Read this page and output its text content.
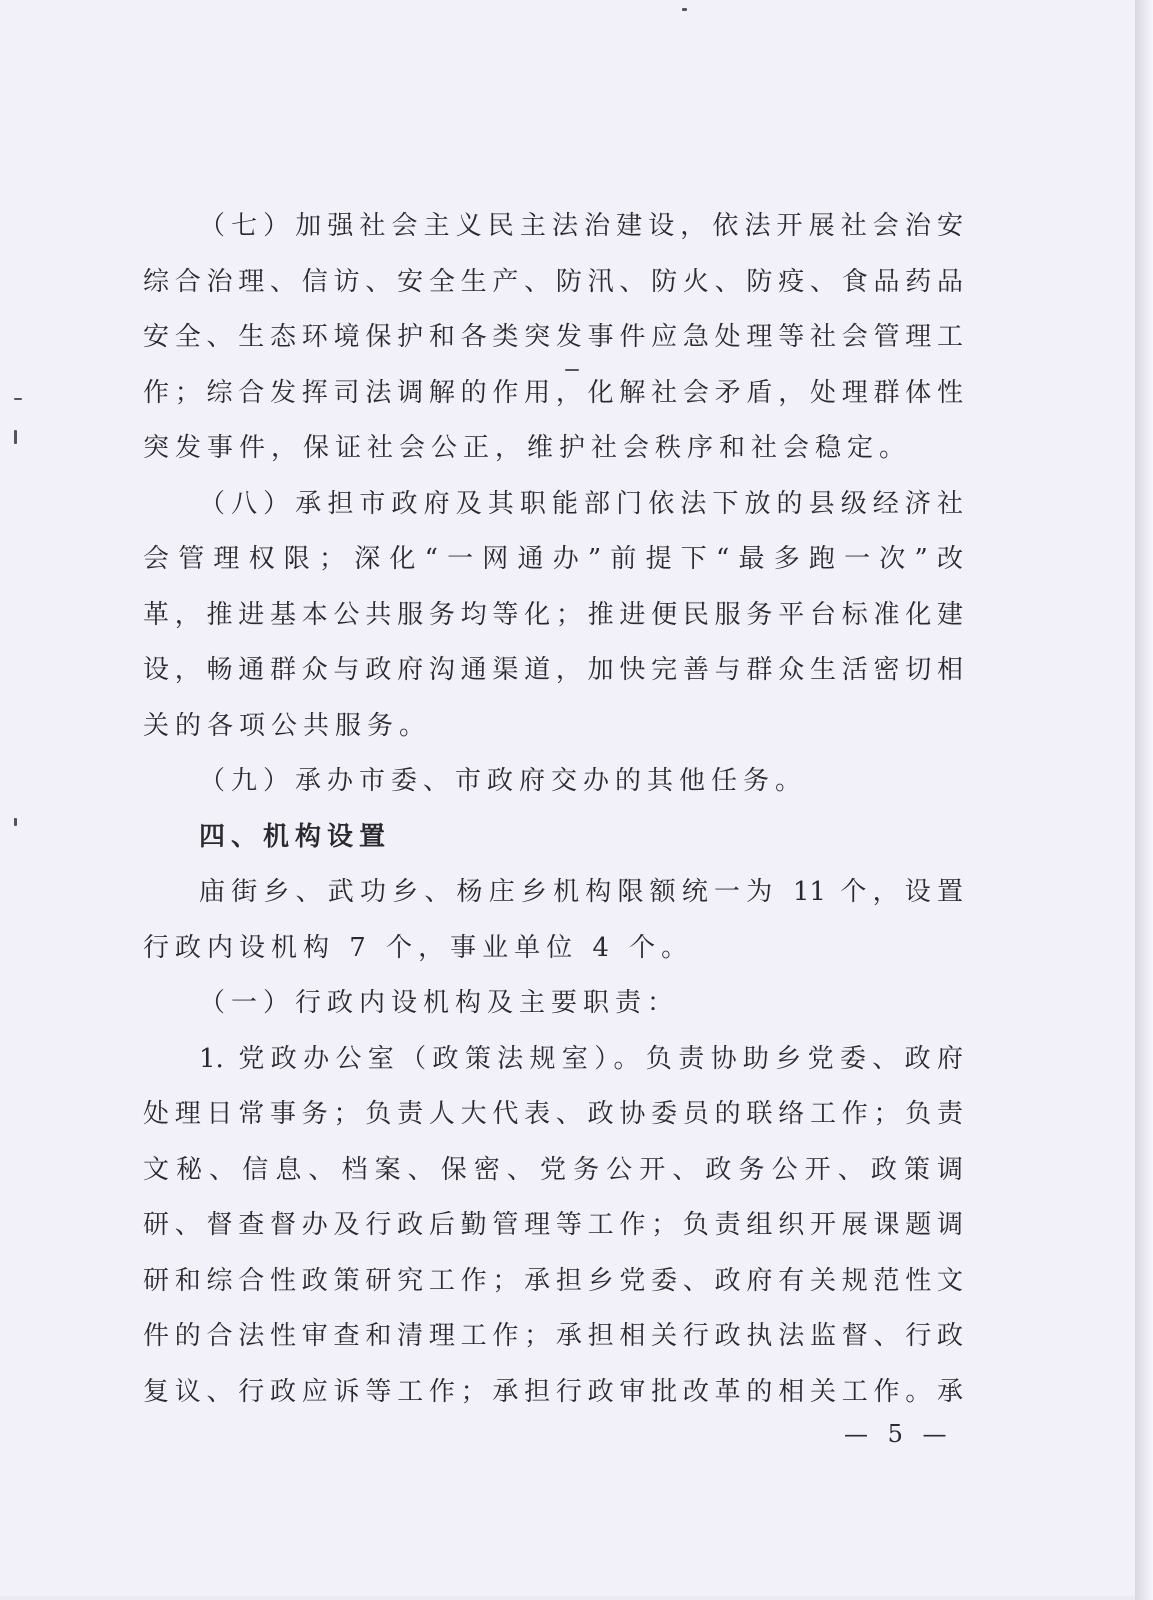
（七）加强社会主义民主法治建设，依法开展社会治安
综合治理、信访、安全生产、防汛、防火、防疫、食品药品
安全、生态环境保护和各类突发事件应急处理等社会管理工
作；综合发挥司法调解的作用，化解社会矛盾，处理群体性
突发事件，保证社会公正，维护社会秩序和社会稳定。
（八）承担市政府及其职能部门依法下放的县级经济社
会管理权限；深化“一网通办”前提下“最多跑一次”改
革，推进基本公共服务均等化；推进便民服务平台标准化建
设，畅通群众与政府沟通渠道，加快完善与群众生活密切相
关的各项公共服务。
（九）承办市委、市政府交办的其他任务。
四、机构设置
庙街乡、武功乡、杨庄乡机构限额统一为 11 个，设置
行政内设机构 7 个，事业单位 4 个。
（一）行政内设机构及主要职责：
1. 党政办公室（政策法规室）。负责协助乡党委、政府
处理日常事务；负责人大代表、政协委员的联络工作；负责
文秘、信息、档案、保密、党务公开、政务公开、政策调
研、督查督办及行政后勤管理等工作；负责组织开展课题调
研和综合性政策研究工作；承担乡党委、政府有关规范性文
件的合法性审查和清理工作；承担相关行政执法监督、行政
复议、行政应诉等工作；承担行政审批改革的相关工作。承
— 5 —
